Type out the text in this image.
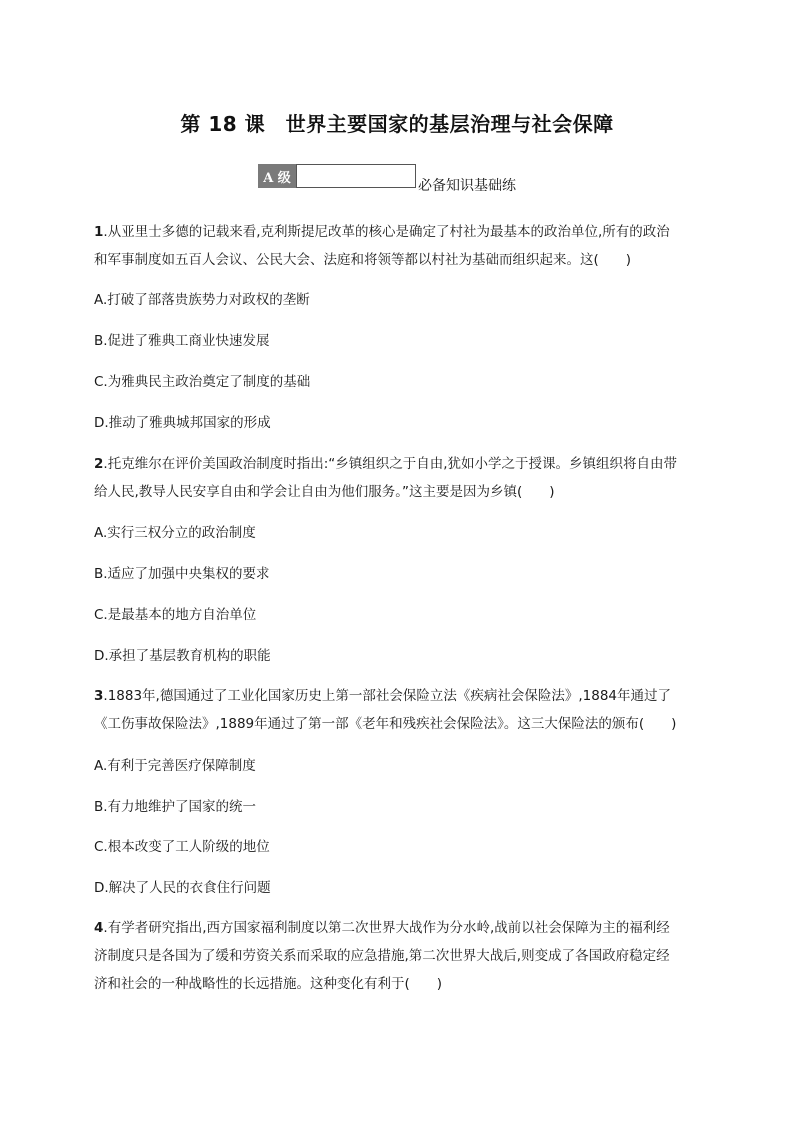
第 18 课　世界主要国家的基层治理与社会保障
A 级	必备知识基础练
1.从亚里士多德的记载来看,克利斯提尼改革的核心是确定了村社为最基本的政治单位,所有的政治
和军事制度如五百人会议、公民大会、法庭和将领等都以村社为基础而组织起来。这(　　)
A.打破了部落贵族势力对政权的垄断
B.促进了雅典工商业快速发展
C.为雅典民主政治奠定了制度的基础
D.推动了雅典城邦国家的形成
2.托克维尔在评价美国政治制度时指出:“乡镇组织之于自由,犹如小学之于授课。乡镇组织将自由带
给人民,教导人民安享自由和学会让自由为他们服务。”这主要是因为乡镇(　　)
A.实行三权分立的政治制度
B.适应了加强中央集权的要求
C.是最基本的地方自治单位
D.承担了基层教育机构的职能
3.1883年,德国通过了工业化国家历史上第一部社会保险立法《疾病社会保险法》,1884年通过了
《工伤事故保险法》,1889年通过了第一部《老年和残疾社会保险法》。这三大保险法的颁布(　　)
A.有利于完善医疗保障制度
B.有力地维护了国家的统一
C.根本改变了工人阶级的地位
D.解决了人民的衣食住行问题
4.有学者研究指出,西方国家福利制度以第二次世界大战作为分水岭,战前以社会保障为主的福利经
济制度只是各国为了缓和劳资关系而采取的应急措施,第二次世界大战后,则变成了各国政府稳定经
济和社会的一种战略性的长远措施。这种变化有利于(　　)
